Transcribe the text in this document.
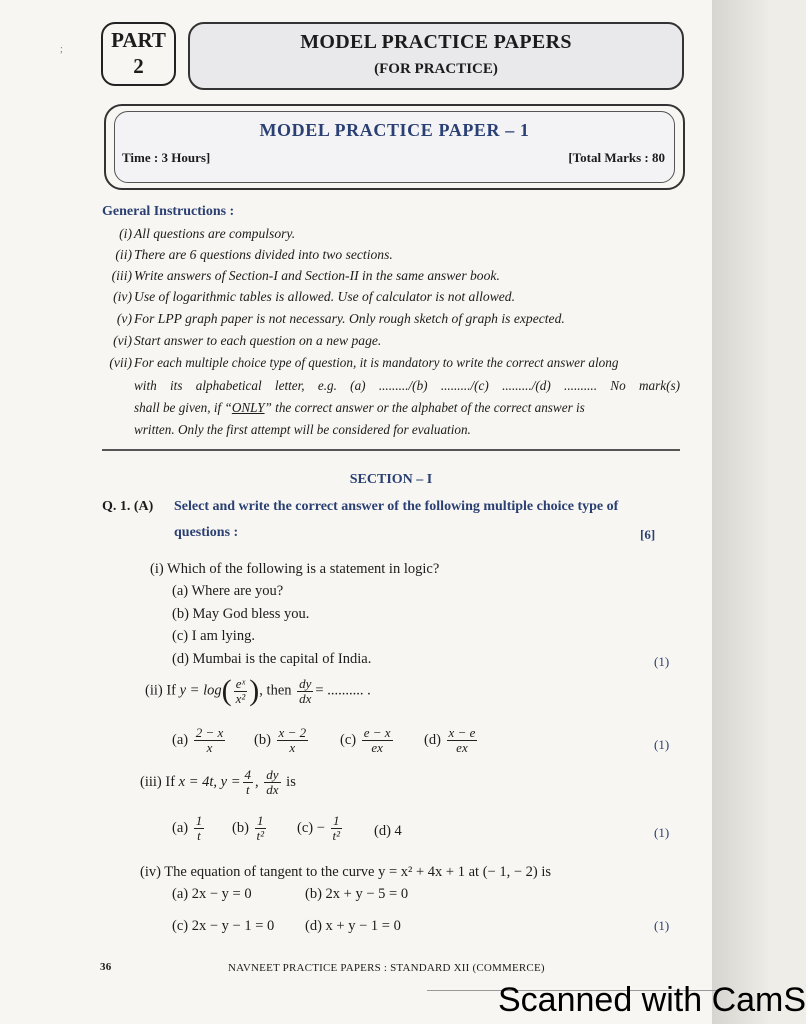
;	PART
2
MODEL PRACTICE PAPERS
(FOR PRACTICE)
MODEL PRACTICE PAPER – 1
Time : 3 Hours]	[Total Marks : 80
General Instructions :
(i) All questions are compulsory.
(ii) There are 6 questions divided into two sections.
(iii) Write answers of Section-I and Section-II in the same answer book.
(iv) Use of logarithmic tables is allowed. Use of calculator is not allowed.
(v) For LPP graph paper is not necessary. Only rough sketch of graph is expected.
(vi) Start answer to each question on a new page.
(vii) For each multiple choice type of question, it is mandatory to write the correct answer along
with its alphabetical letter, e.g. (a) ........./(b) ........./(c) ........./(d) .......... No mark(s)
shall be given, if “ONLY” the correct answer or the alphabet of the correct answer is
written. Only the first attempt will be considered for evaluation.
SECTION – I
Q. 1. (A) Select and write the correct answer of the following multiple choice type of
questions :	[6]
(i) Which of the following is a statement in logic?
(a) Where are you?
(b) May God bless you.
(c) I am lying.
(d) Mumbai is the capital of India.	(1)
(ii) If $y = \log( \frac{\text{eˣ}}{\text{x²}}$ ), then $\frac{dy}{dx}$ = .......... .
$(a) \frac{2 - x}{x} (b) \frac{x - 2}{x} (c) \frac{e - x}{ex} (d) \frac{x - e}{ex}$	(1)
(iii) If x = 4t, $y = \frac{4}{t}$ , $\frac{dy}{dx}$ is
$(a) \frac{1}{t} (b) \frac{1}{\text{t²}} (c) - \frac{1}{\text{t²}} (d)$ 4	(1)
(iv) The equation of tangent to the curve y = x² + 4x + 1 at (− 1, − 2) is
(a) 2x − y = 0	(b) 2x + y − 5 = 0
(c) 2x − y − 1 = 0 (d) x + y − 1 = 0	(1)
36	NAVNEET PRACTICE PAPERS : STANDARD XII (COMMERCE)
Scanned with CamS
